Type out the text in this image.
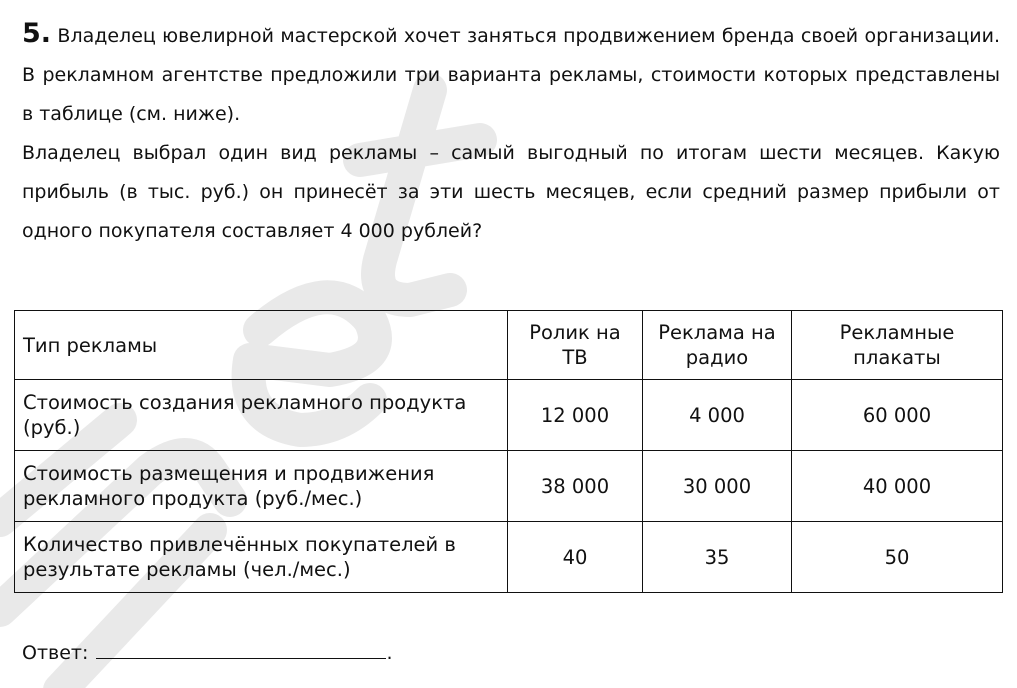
5. Владелец ювелирной мастерской хочет заняться продвижением бренда своей организации. В рекламном агентстве предложили три варианта рекламы, стоимости которых представлены в таблице (см. ниже).

Владелец выбрал один вид рекламы – самый выгодный по итогам шести месяцев. Какую прибыль (в тыс. руб.) он принесёт за эти шесть месяцев, если средний размер прибыли от одного покупателя составляет 4 000 рублей?

Тип рекламы	Ролик на ТВ	Реклама на радио	Рекламные плакаты
Стоимость создания рекламного продукта (руб.)	12 000	4 000	60 000
Стоимость размещения и продвижения рекламного продукта (руб./мес.)	38 000	30 000	40 000
Количество привлечённых покупателей в результате рекламы (чел./мес.)	40	35	50
Ответ:	.
